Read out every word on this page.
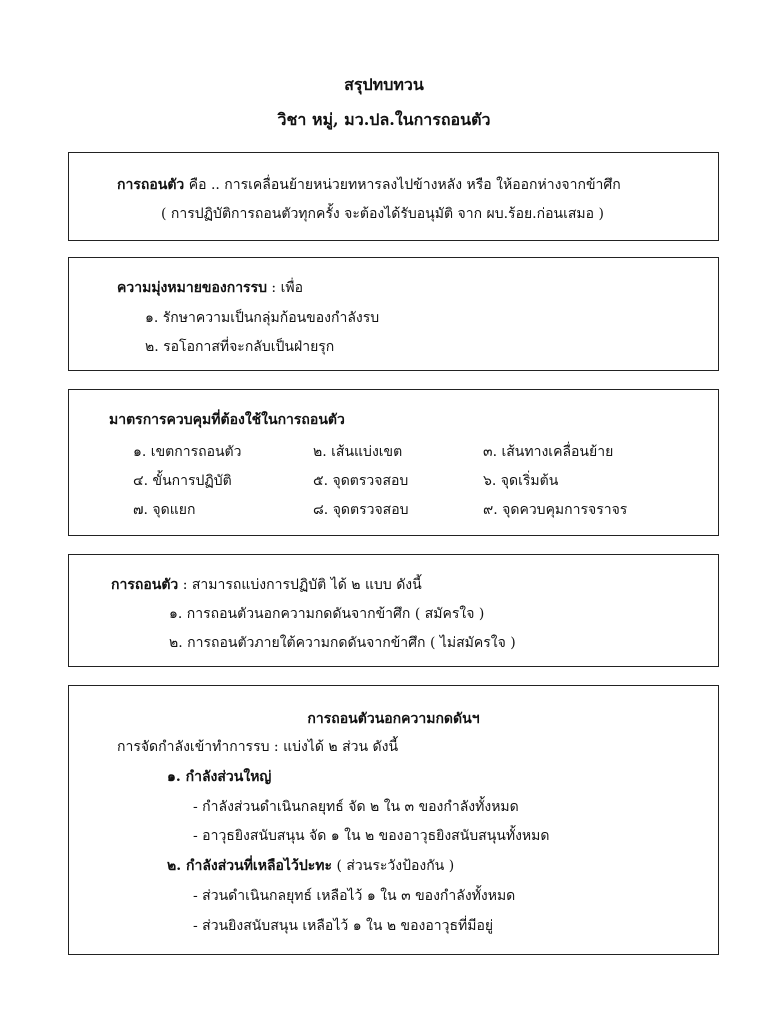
สรุปทบทวน
วิชา หมู่, มว.ปล.ในการถอนตัว
การถอนตัว คือ .. การเคลื่อนย้ายหน่วยทหารลงไปข้างหลัง หรือ ให้ออกห่างจากข้าศึก
( การปฏิบัติการถอนตัวทุกครั้ง จะต้องได้รับอนุมัติ จาก ผบ.ร้อย.ก่อนเสมอ )
ความมุ่งหมายของการรบ : เพื่อ
๑. รักษาความเป็นกลุ่มก้อนของกำลังรบ
๒. รอโอกาสที่จะกลับเป็นฝ่ายรุก
มาตรการควบคุมที่ต้องใช้ในการถอนตัว
๑. เขตการถอนตัว	๒. เส้นแบ่งเขต	๓. เส้นทางเคลื่อนย้าย
๔. ขั้นการปฏิบัติ	๕. จุดตรวจสอบ	๖. จุดเริ่มต้น
๗. จุดแยก	๘. จุดตรวจสอบ	๙. จุดควบคุมการจราจร
การถอนตัว : สามารถแบ่งการปฏิบัติ ได้ ๒ แบบ ดังนี้
๑. การถอนตัวนอกความกดดันจากข้าศึก ( สมัครใจ )
๒. การถอนตัวภายใต้ความกดดันจากข้าศึก ( ไม่สมัครใจ )
การถอนตัวนอกความกดดันฯ
การจัดกำลังเข้าทำการรบ : แบ่งได้ ๒ ส่วน ดังนี้
๑. กำลังส่วนใหญ่
- กำลังส่วนดำเนินกลยุทธ์ จัด ๒ ใน ๓ ของกำลังทั้งหมด
- อาวุธยิงสนับสนุน จัด ๑ ใน ๒ ของอาวุธยิงสนับสนุนทั้งหมด
๒. กำลังส่วนที่เหลือไว้ปะทะ ( ส่วนระวังป้องกัน )
- ส่วนดำเนินกลยุทธ์ เหลือไว้ ๑ ใน ๓ ของกำลังทั้งหมด
- ส่วนยิงสนับสนุน เหลือไว้ ๑ ใน ๒ ของอาวุธที่มีอยู่
